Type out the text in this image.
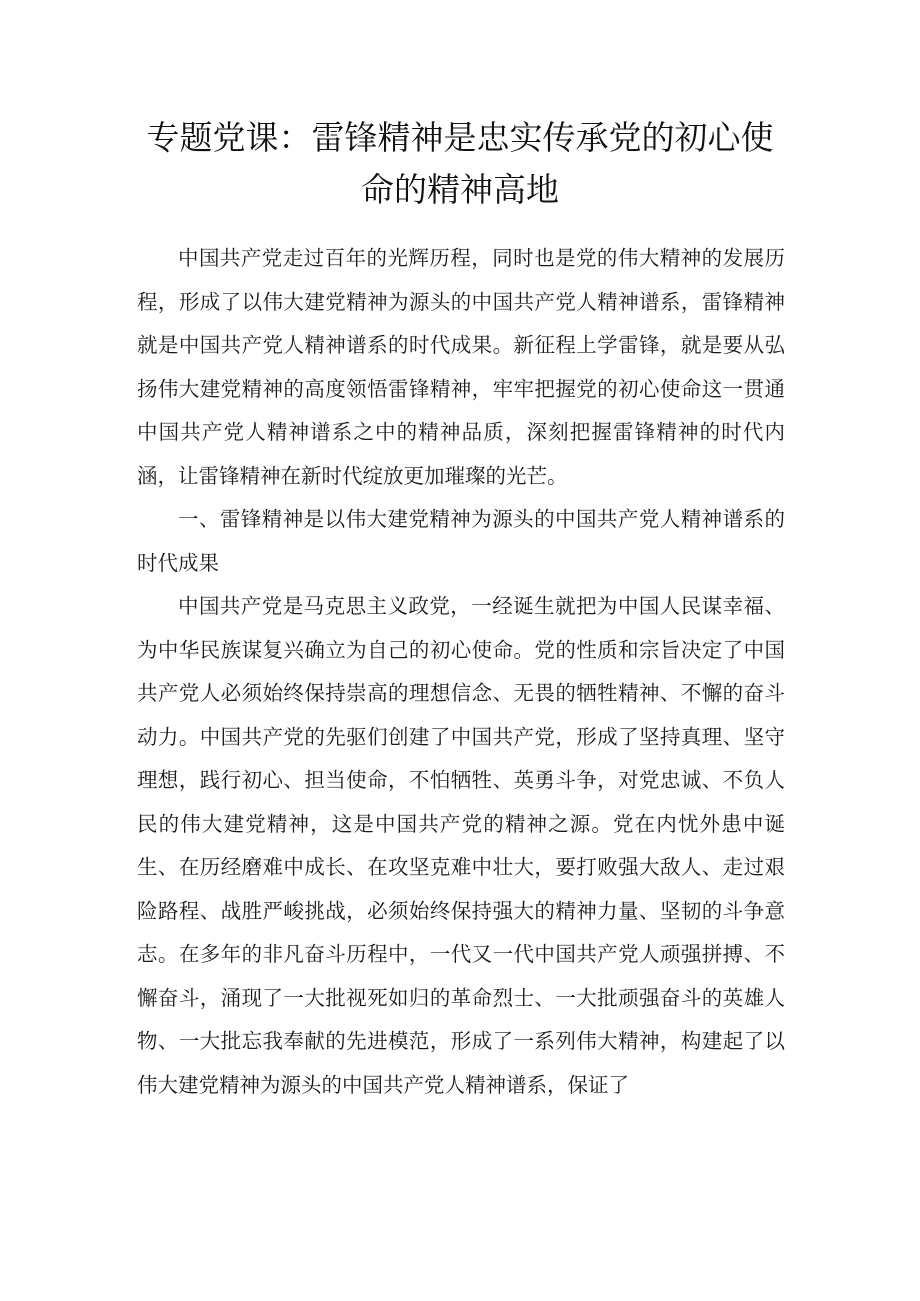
专题党课：雷锋精神是忠实传承党的初心使
命的精神高地

中国共产党走过百年的光辉历程，同时也是党的伟大精神的发展历程，形成了以伟大建党精神为源头的中国共产党人精神谱系，雷锋精神就是中国共产党人精神谱系的时代成果。新征程上学雷锋，就是要从弘扬伟大建党精神的高度领悟雷锋精神，牢牢把握党的初心使命这一贯通中国共产党人精神谱系之中的精神品质，深刻把握雷锋精神的时代内涵，让雷锋精神在新时代绽放更加璀璨的光芒。

一、雷锋精神是以伟大建党精神为源头的中国共产党人精神谱系的时代成果

中国共产党是马克思主义政党，一经诞生就把为中国人民谋幸福、为中华民族谋复兴确立为自己的初心使命。党的性质和宗旨决定了中国共产党人必须始终保持崇高的理想信念、无畏的牺牲精神、不懈的奋斗动力。中国共产党的先驱们创建了中国共产党，形成了坚持真理、坚守理想，践行初心、担当使命，不怕牺牲、英勇斗争，对党忠诚、不负人民的伟大建党精神，这是中国共产党的精神之源。党在内忧外患中诞生、在历经磨难中成长、在攻坚克难中壮大，要打败强大敌人、走过艰险路程、战胜严峻挑战，必须始终保持强大的精神力量、坚韧的斗争意志。在多年的非凡奋斗历程中，一代又一代中国共产党人顽强拼搏、不懈奋斗，涌现了一大批视死如归的革命烈士、一大批顽强奋斗的英雄人物、一大批忘我奉献的先进模范，形成了一系列伟大精神，构建起了以伟大建党精神为源头的中国共产党人精神谱系，保证了
